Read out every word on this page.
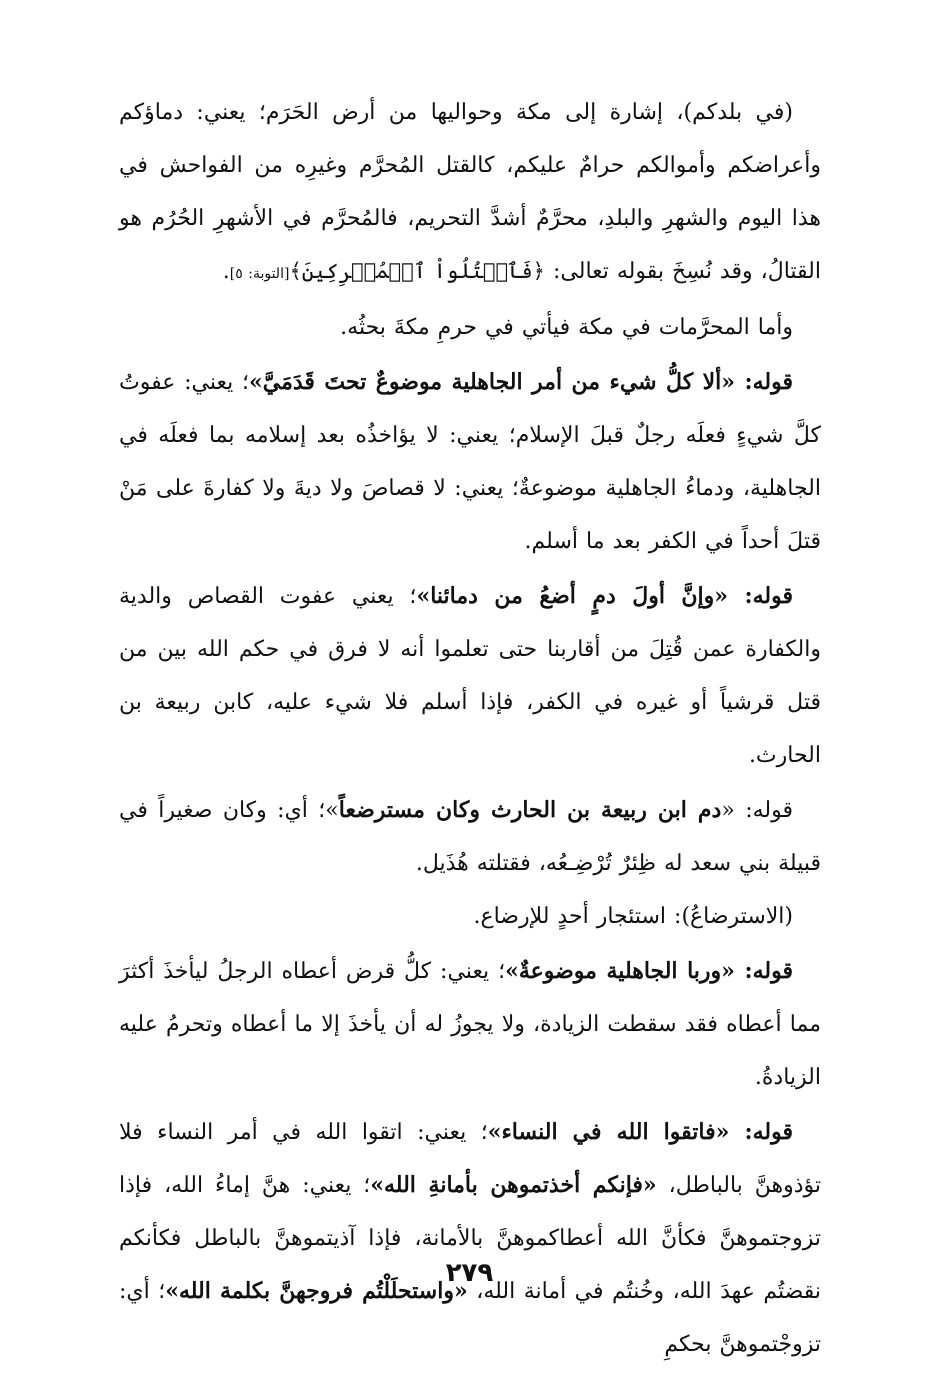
(في بلدكم)، إشارة إلى مكة وحواليها من أرض الحَرَم؛ يعني: دماؤكم وأعراضكم وأموالكم حرامٌ عليكم، كالقتل المُحرَّم وغيرِه من الفواحش في هذا اليوم والشهرِ والبلدِ، محرَّمٌ أشدَّ التحريم، فالمُحرَّم في الأشهرِ الحُرُم هو القتالُ، وقد نُسِخَ بقوله تعالى: ﴿فَٱقۡتُلُواْ ٱلۡمُشۡرِكِينَ﴾[التوبة: ٥].

وأما المحرَّمات في مكة فيأتي في حرمِ مكةَ بحثُه.

قوله: «ألا كلُّ شيء من أمر الجاهلية موضوعٌ تحتَ قَدَمَيَّ»؛ يعني: عفوتُ كلَّ شيءٍ فعلَه رجلٌ قبلَ الإسلام؛ يعني: لا يؤاخذُه بعد إسلامه بما فعلَه في الجاهلية، ودماءُ الجاهلية موضوعةٌ؛ يعني: لا قصاصَ ولا ديةَ ولا كفارةَ على مَنْ قتلَ أحداً في الكفر بعد ما أسلم.

قوله: «وإنَّ أولَ دمٍ أضعُ من دمائنا»؛ يعني عفوت القصاص والدية والكفارة عمن قُتِلَ من أقاربنا حتى تعلموا أنه لا فرق في حكم الله بين من قتل قرشياً أو غيره في الكفر، فإذا أسلم فلا شيء عليه، كابن ربيعة بن الحارث.

قوله: «دم ابن ربيعة بن الحارث وكان مسترضعاً»؛ أي: وكان صغيراً في قبيلة بني سعد له ظِئرٌ تُرْضِـعُه، فقتلته هُذَيل.

(الاسترضاعُ): استئجار أحدٍ للإرضاع.

قوله: «وربا الجاهلية موضوعةٌ»؛ يعني: كلُّ قرض أعطاه الرجلُ ليأخذَ أكثرَ مما أعطاه فقد سقطت الزيادة، ولا يجوزُ له أن يأخذَ إلا ما أعطاه وتحرمُ عليه الزيادةُ.

قوله: «فاتقوا الله في النساء»؛ يعني: اتقوا الله في أمر النساء فلا تؤذوهنَّ بالباطل، «فإنكم أخذتموهن بأمانةِ الله»؛ يعني: هنَّ إماءُ الله، فإذا تزوجتموهنَّ فكأنَّ الله أعطاكموهنَّ بالأمانة، فإذا آذيتموهنَّ بالباطل فكأنكم نقضتُم عهدَ الله، وخُنتُم في أمانة الله، «واستحلَلْتُم فروجهنَّ بكلمة الله»؛ أي: تزوجْتموهنَّ بحكمِ

٢٧٩
